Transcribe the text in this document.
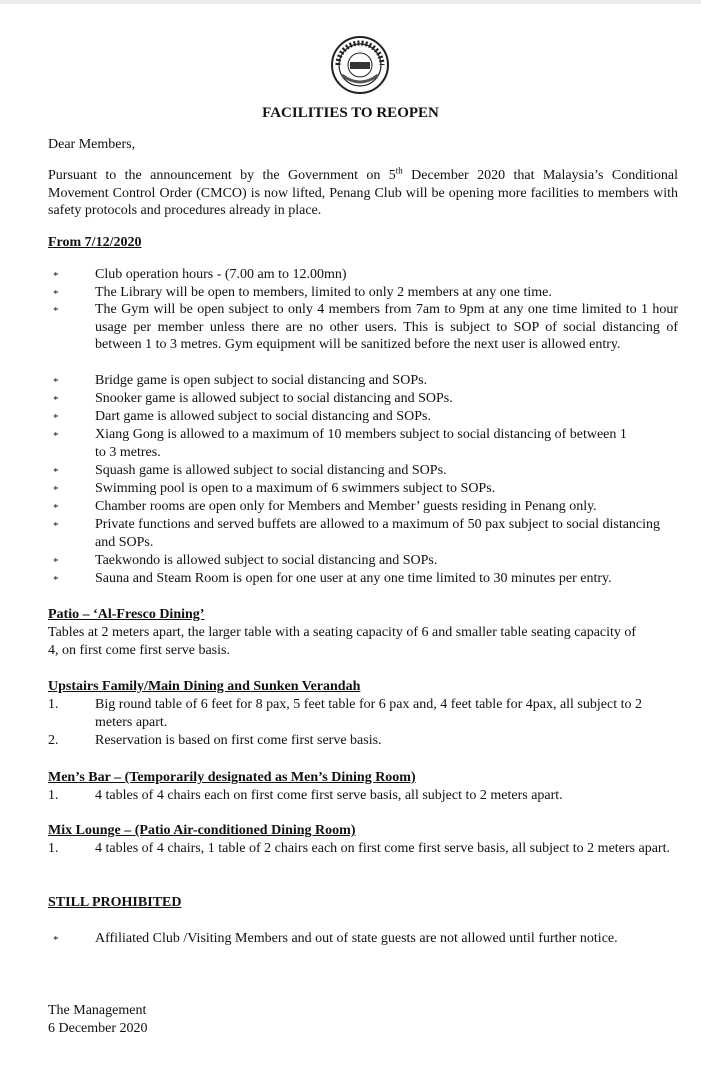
FACILITIES TO REOPEN

Dear Members,

Pursuant to the announcement by the Government on 5th December 2020 that Malaysia’s Conditional Movement Control Order (CMCO) is now lifted, Penang Club will be opening more facilities to members with safety protocols and procedures already in place.

From 7/12/2020

*	Club operation hours - (7.00 am to 12.00mn)

*	The Library will be open to members, limited to only 2 members at any one time.

*	The Gym will be open subject to only 4 members from 7am to 9pm at any one time limited to 1 hour usage per member unless there are no other users. This is subject to SOP of social distancing of between 1 to 3 metres. Gym equipment will be sanitized before the next user is allowed entry.

*	Bridge game is open subject to social distancing and SOPs.

*	Snooker game is allowed subject to social distancing and SOPs.

*	Dart game is allowed subject to social distancing and SOPs.

*	Xiang Gong is allowed to a maximum of 10 members subject to social distancing of between 1 to 3 metres.

*	Squash game is allowed subject to social distancing and SOPs.

*	Swimming pool is open to a maximum of 6 swimmers subject to SOPs.

*	Chamber rooms are open only for Members and Member’ guests residing in Penang only.

*	Private functions and served buffets are allowed to a maximum of 50 pax subject to social distancing and SOPs.

*	Taekwondo is allowed subject to social distancing and SOPs.

*	Sauna and Steam Room is open for one user at any one time limited to 30 minutes per entry.

Patio – ‘Al-Fresco Dining’

Tables at 2 meters apart, the larger table with a seating capacity of 6 and smaller table seating capacity of 4, on first come first serve basis.

Upstairs Family/Main Dining and Sunken Verandah

1.	Big round table of 6 feet for 8 pax, 5 feet table for 6 pax and, 4 feet table for 4pax, all subject to 2 meters apart.

2.	Reservation is based on first come first serve basis.

Men’s Bar – (Temporarily designated as Men’s Dining Room)

1.	4 tables of 4 chairs each on first come first serve basis, all subject to 2 meters apart.

Mix Lounge – (Patio Air-conditioned Dining Room)

1.	4 tables of 4 chairs, 1 table of 2 chairs each on first come first serve basis, all subject to 2 meters apart.

STILL PROHIBITED

*	Affiliated Club /Visiting Members and out of state guests are not allowed until further notice.

The Management

6 December 2020
